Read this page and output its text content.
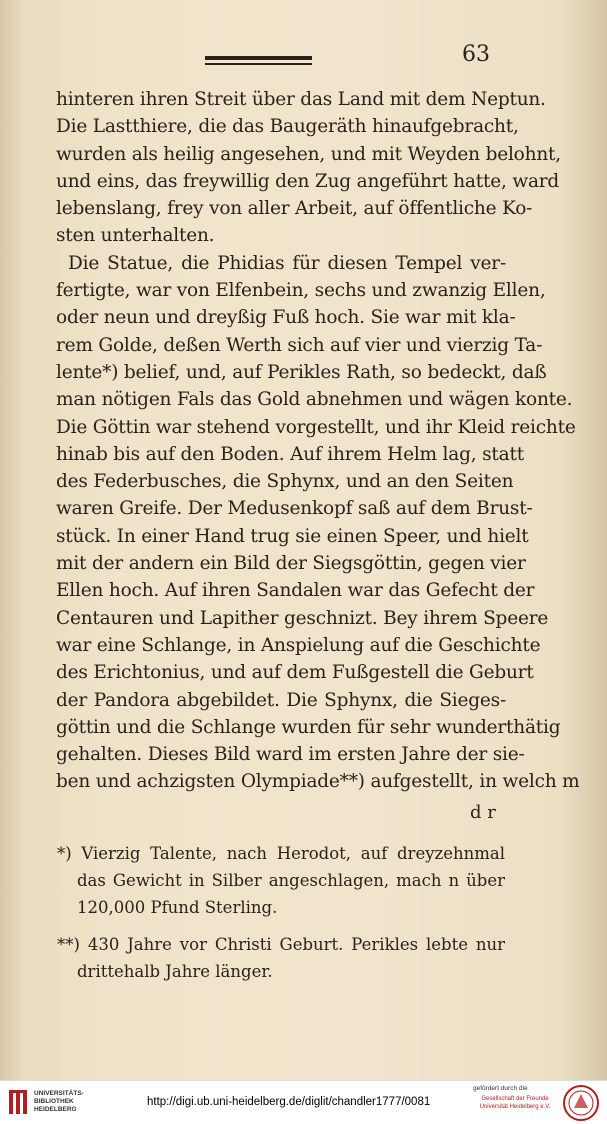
63
hinteren ihren Streit über das Land mit dem Neptun.
Die Lastthiere, die das Baugeräth hinaufgebracht,
wurden als heilig angesehen, und mit Weyden belohnt,
und eins, das freywillig den Zug angeführt hatte, ward
lebenslang, frey von aller Arbeit, auf öffentliche Ko-
sten unterhalten.
Die Statue, die Phidias für diesen Tempel ver-
fertigte, war von Elfenbein, sechs und zwanzig Ellen,
oder neun und dreyßig Fuß hoch. Sie war mit kla-
rem Golde, deßen Werth sich auf vier und vierzig Ta-
lente*) belief, und, auf Perikles Rath, so bedeckt, daß
man nötigen Fals das Gold abnehmen und wägen konte.
Die Göttin war stehend vorgestellt, und ihr Kleid reichte
hinab bis auf den Boden. Auf ihrem Helm lag, statt
des Federbusches, die Sphynx, und an den Seiten
waren Greife. Der Medusenkopf saß auf dem Brust-
stück. In einer Hand trug sie einen Speer, und hielt
mit der andern ein Bild der Siegsgöttin, gegen vier
Ellen hoch. Auf ihren Sandalen war das Gefecht der
Centauren und Lapither geschnizt. Bey ihrem Speere
war eine Schlange, in Anspielung auf die Geschichte
des Erichtonius, und auf dem Fußgestell die Geburt
der Pandora abgebildet. Die Sphynx, die Sieges-
göttin und die Schlange wurden für sehr wunderthätig
gehalten. Dieses Bild ward im ersten Jahre der sie-
ben und achzigsten Olympiade**) aufgestellt, in welch m
d r
*) Vierzig Talente, nach Herodot, auf dreyzehnmal
das Gewicht in Silber angeschlagen, mach n über
120,000 Pfund Sterling.
**) 430 Jahre vor Christi Geburt. Perikles lebte nur
drittehalb Jahre länger.
UNIVERSITÄTS-
BIBLIOTHEK
HEIDELBERG
http://digi.ub.uni-heidelberg.de/diglit/chandler1777/0081
gefördert durch die
Gesellschaft der Freunde
Universität Heidelberg e.V.
